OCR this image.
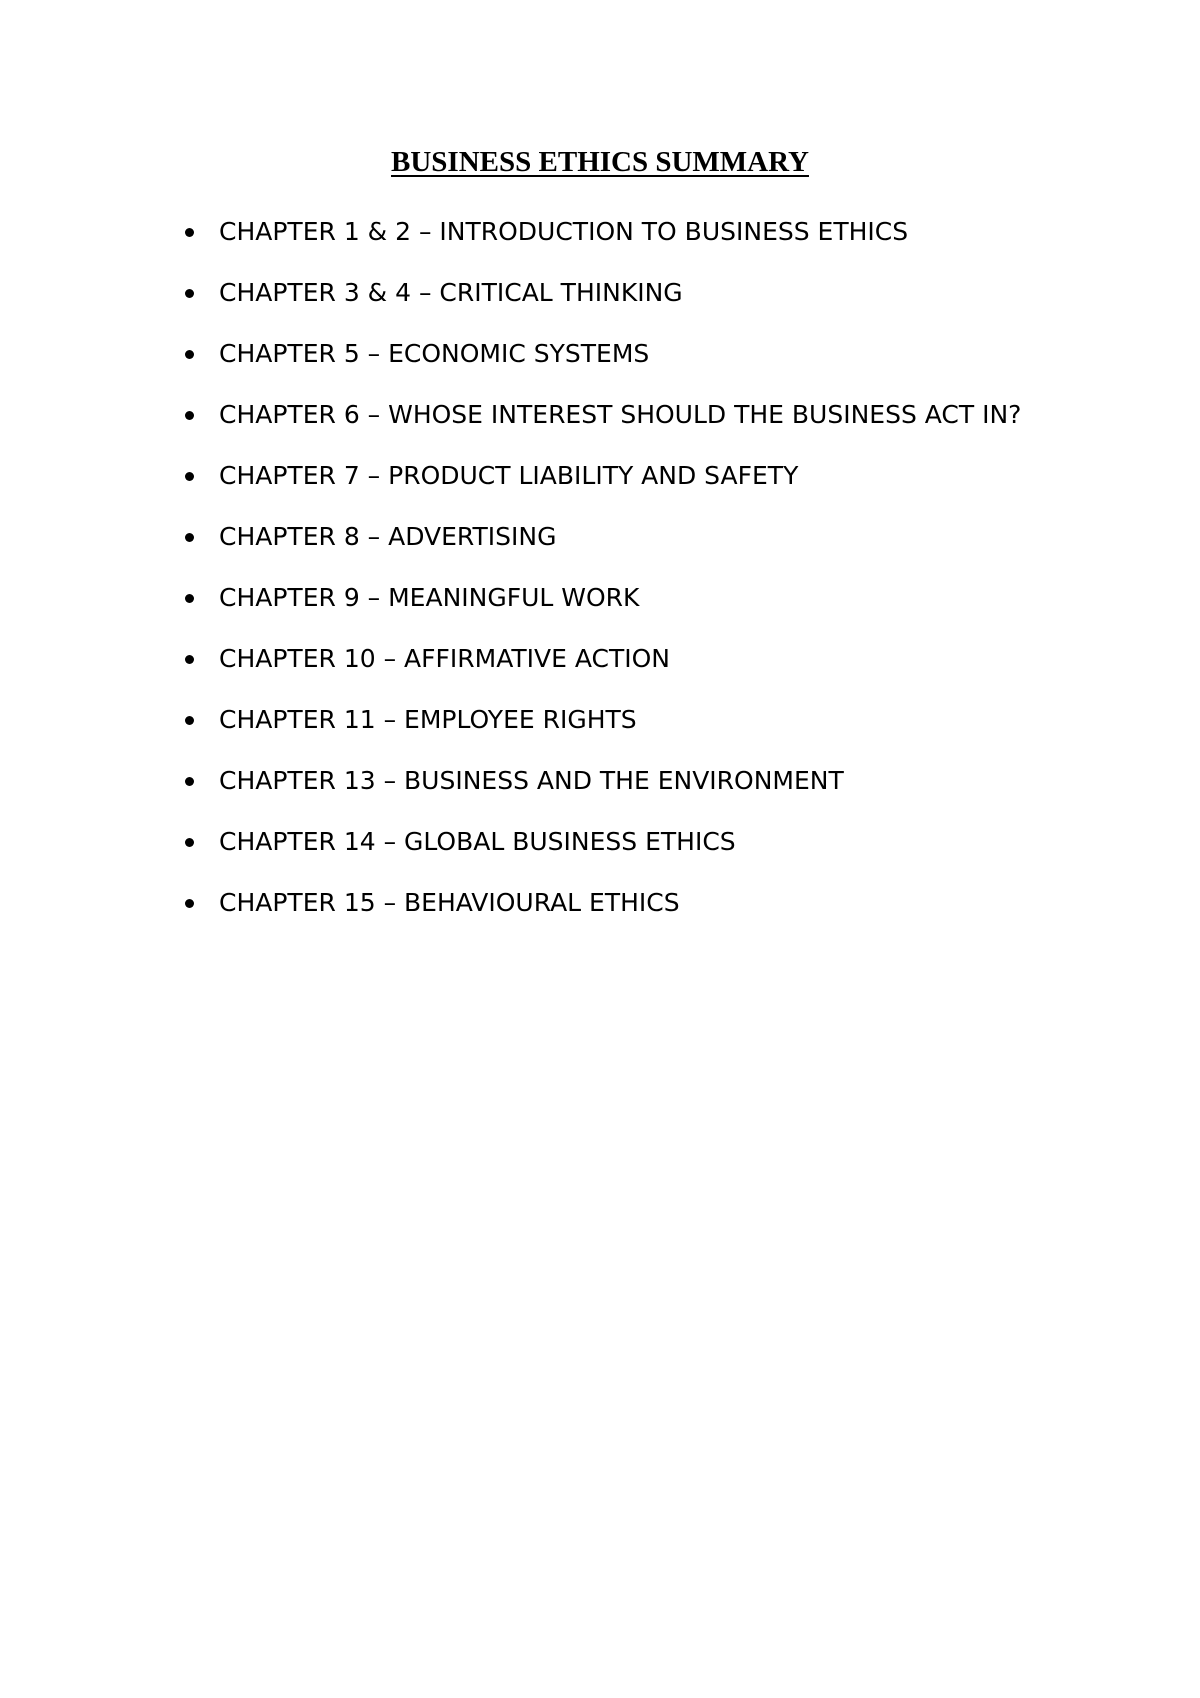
BUSINESS ETHICS SUMMARY
CHAPTER 1 & 2 – INTRODUCTION TO BUSINESS ETHICS
CHAPTER 3 & 4 – CRITICAL THINKING
CHAPTER 5 – ECONOMIC SYSTEMS
CHAPTER 6 – WHOSE INTEREST SHOULD THE BUSINESS ACT IN?
CHAPTER 7 – PRODUCT LIABILITY AND SAFETY
CHAPTER 8 – ADVERTISING
CHAPTER 9 – MEANINGFUL WORK
CHAPTER 10 – AFFIRMATIVE ACTION
CHAPTER 11 – EMPLOYEE RIGHTS
CHAPTER 13 – BUSINESS AND THE ENVIRONMENT
CHAPTER 14 – GLOBAL BUSINESS ETHICS
CHAPTER 15 – BEHAVIOURAL ETHICS
